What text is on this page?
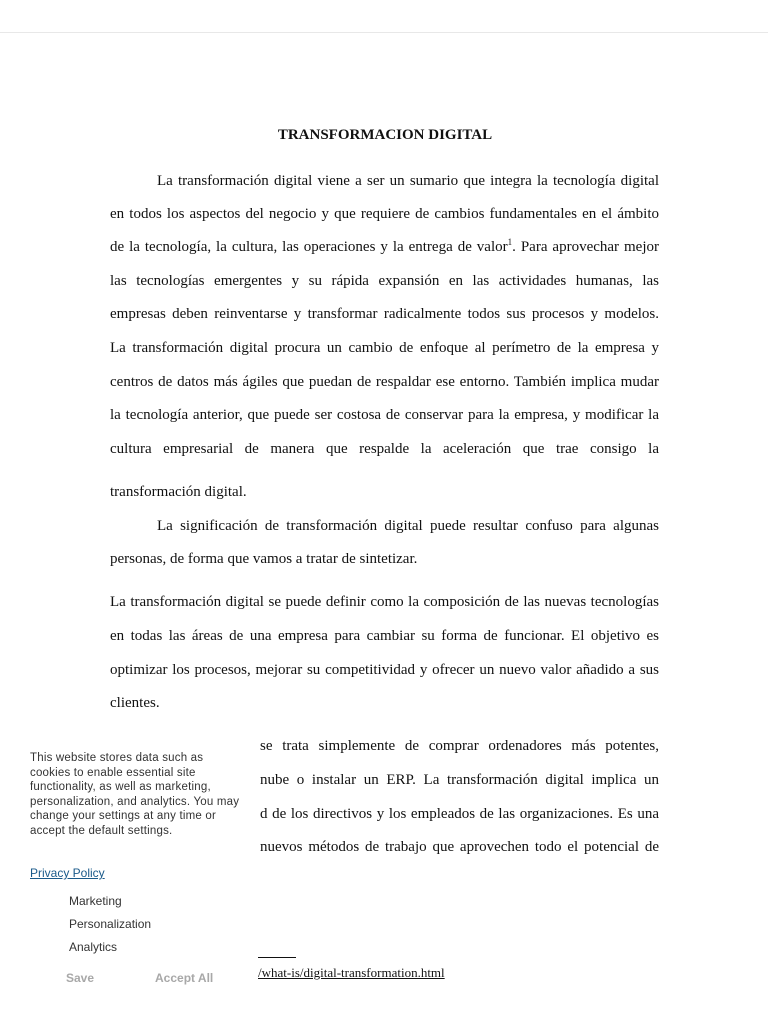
TRANSFORMACION DIGITAL
La transformación digital viene a ser un sumario que integra la tecnología digital
en todos los aspectos del negocio y que requiere de cambios fundamentales en el ámbito
de la tecnología, la cultura, las operaciones y la entrega de valor$^1$. Para aprovechar mejor
las tecnologías emergentes y su rápida expansión en las actividades humanas, las
empresas deben reinventarse y transformar radicalmente todos sus procesos y modelos.
La transformación digital procura un cambio de enfoque al perímetro de la empresa y
centros de datos más ágiles que puedan de respaldar ese entorno. También implica mudar
la tecnología anterior, que puede ser costosa de conservar para la empresa, y modificar la
cultura empresarial de manera que respalde la aceleración que trae consigo la
transformación digital.
La significación de transformación digital puede resultar confuso para algunas
personas, de forma que vamos a tratar de sintetizar.
La transformación digital se puede definir como la composición de las nuevas tecnologías
en todas las áreas de una empresa para cambiar su forma de funcionar. El objetivo es
optimizar los procesos, mejorar su competitividad y ofrecer un nuevo valor añadido a sus
clientes.
se trata simplemente de comprar ordenadores más potentes,
nube o instalar un ERP. La transformación digital implica un
d de los directivos y los empleados de las organizaciones. Es una
nuevos métodos de trabajo que aprovechen todo el potencial de
/what-is/digital-transformation.html
This website stores data such as cookies to enable essential site functionality, as well as marketing, personalization, and analytics. You may change your settings at any time or accept the default settings.
Privacy Policy
Marketing
Personalization
Analytics
Save	Accept All
